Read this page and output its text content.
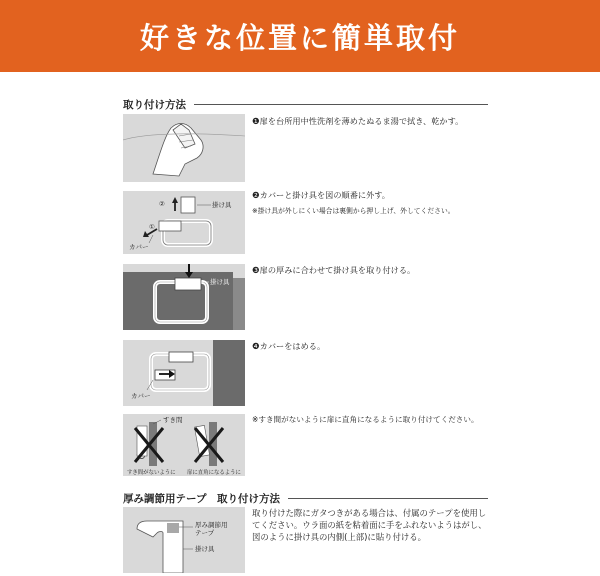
好きな位置に簡単取付
取り付け方法
❶扉を台所用中性洗剤を薄めたぬるま湯で拭き、乾かす。
②
①
掛け具
カバー
❷カバーと掛け具を図の順番に外す。
※掛け具が外しにくい場合は裏側から押し上げ、外してください。
掛け具
❸扉の厚みに合わせて掛け具を取り付ける。
カバー
❹カバーをはめる。
すき間
すき間がないように 扉に直角になるように
※すき間がないように扉に直角になるように取り付けてください。
厚み調節用テープ　取り付け方法
厚み調節用
テープ
掛け具
取り付けた際にガタつきがある場合は、付属のテープを使用してください。ウラ面の紙を粘着面に手をふれないようはがし、図のように掛け具の内側(上部)に貼り付ける。
